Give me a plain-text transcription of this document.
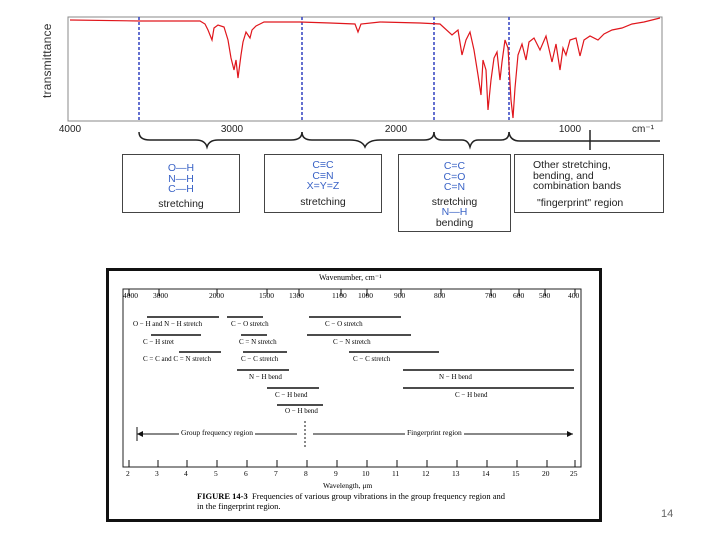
transmittance
4000	3000	2000	1000	cm⁻¹
O—H
N—H
C—H
stretching
C≡C
C≡N
X=Y=Z
stretching
C=C
C=O
C=N
stretching
N—H
bending
Other stretching,
bending, and
combination bands
"fingerprint" region
Wavenumber, cm⁻¹
4000 3000	2000	1500 1300	1100 1000	900	800	700 600 500 400
O − H and N − H stretch	C − O stretch	C − O stretch
C − H stret	C = N stretch	C − N stretch
C = C and C = N stretch	C − C stretch	C − C stretch
N − H bend	N − H bend
C − H bend	C − H bend
O − H bend
Group frequency region	Fingerprint region
2	3	4	5	6	7	8	9	10	11	12	13	14	15	20	25
Wavelength, μm
FIGURE 14-3 Frequencies of various group vibrations in the group frequency region and in the fingerprint region.
14
